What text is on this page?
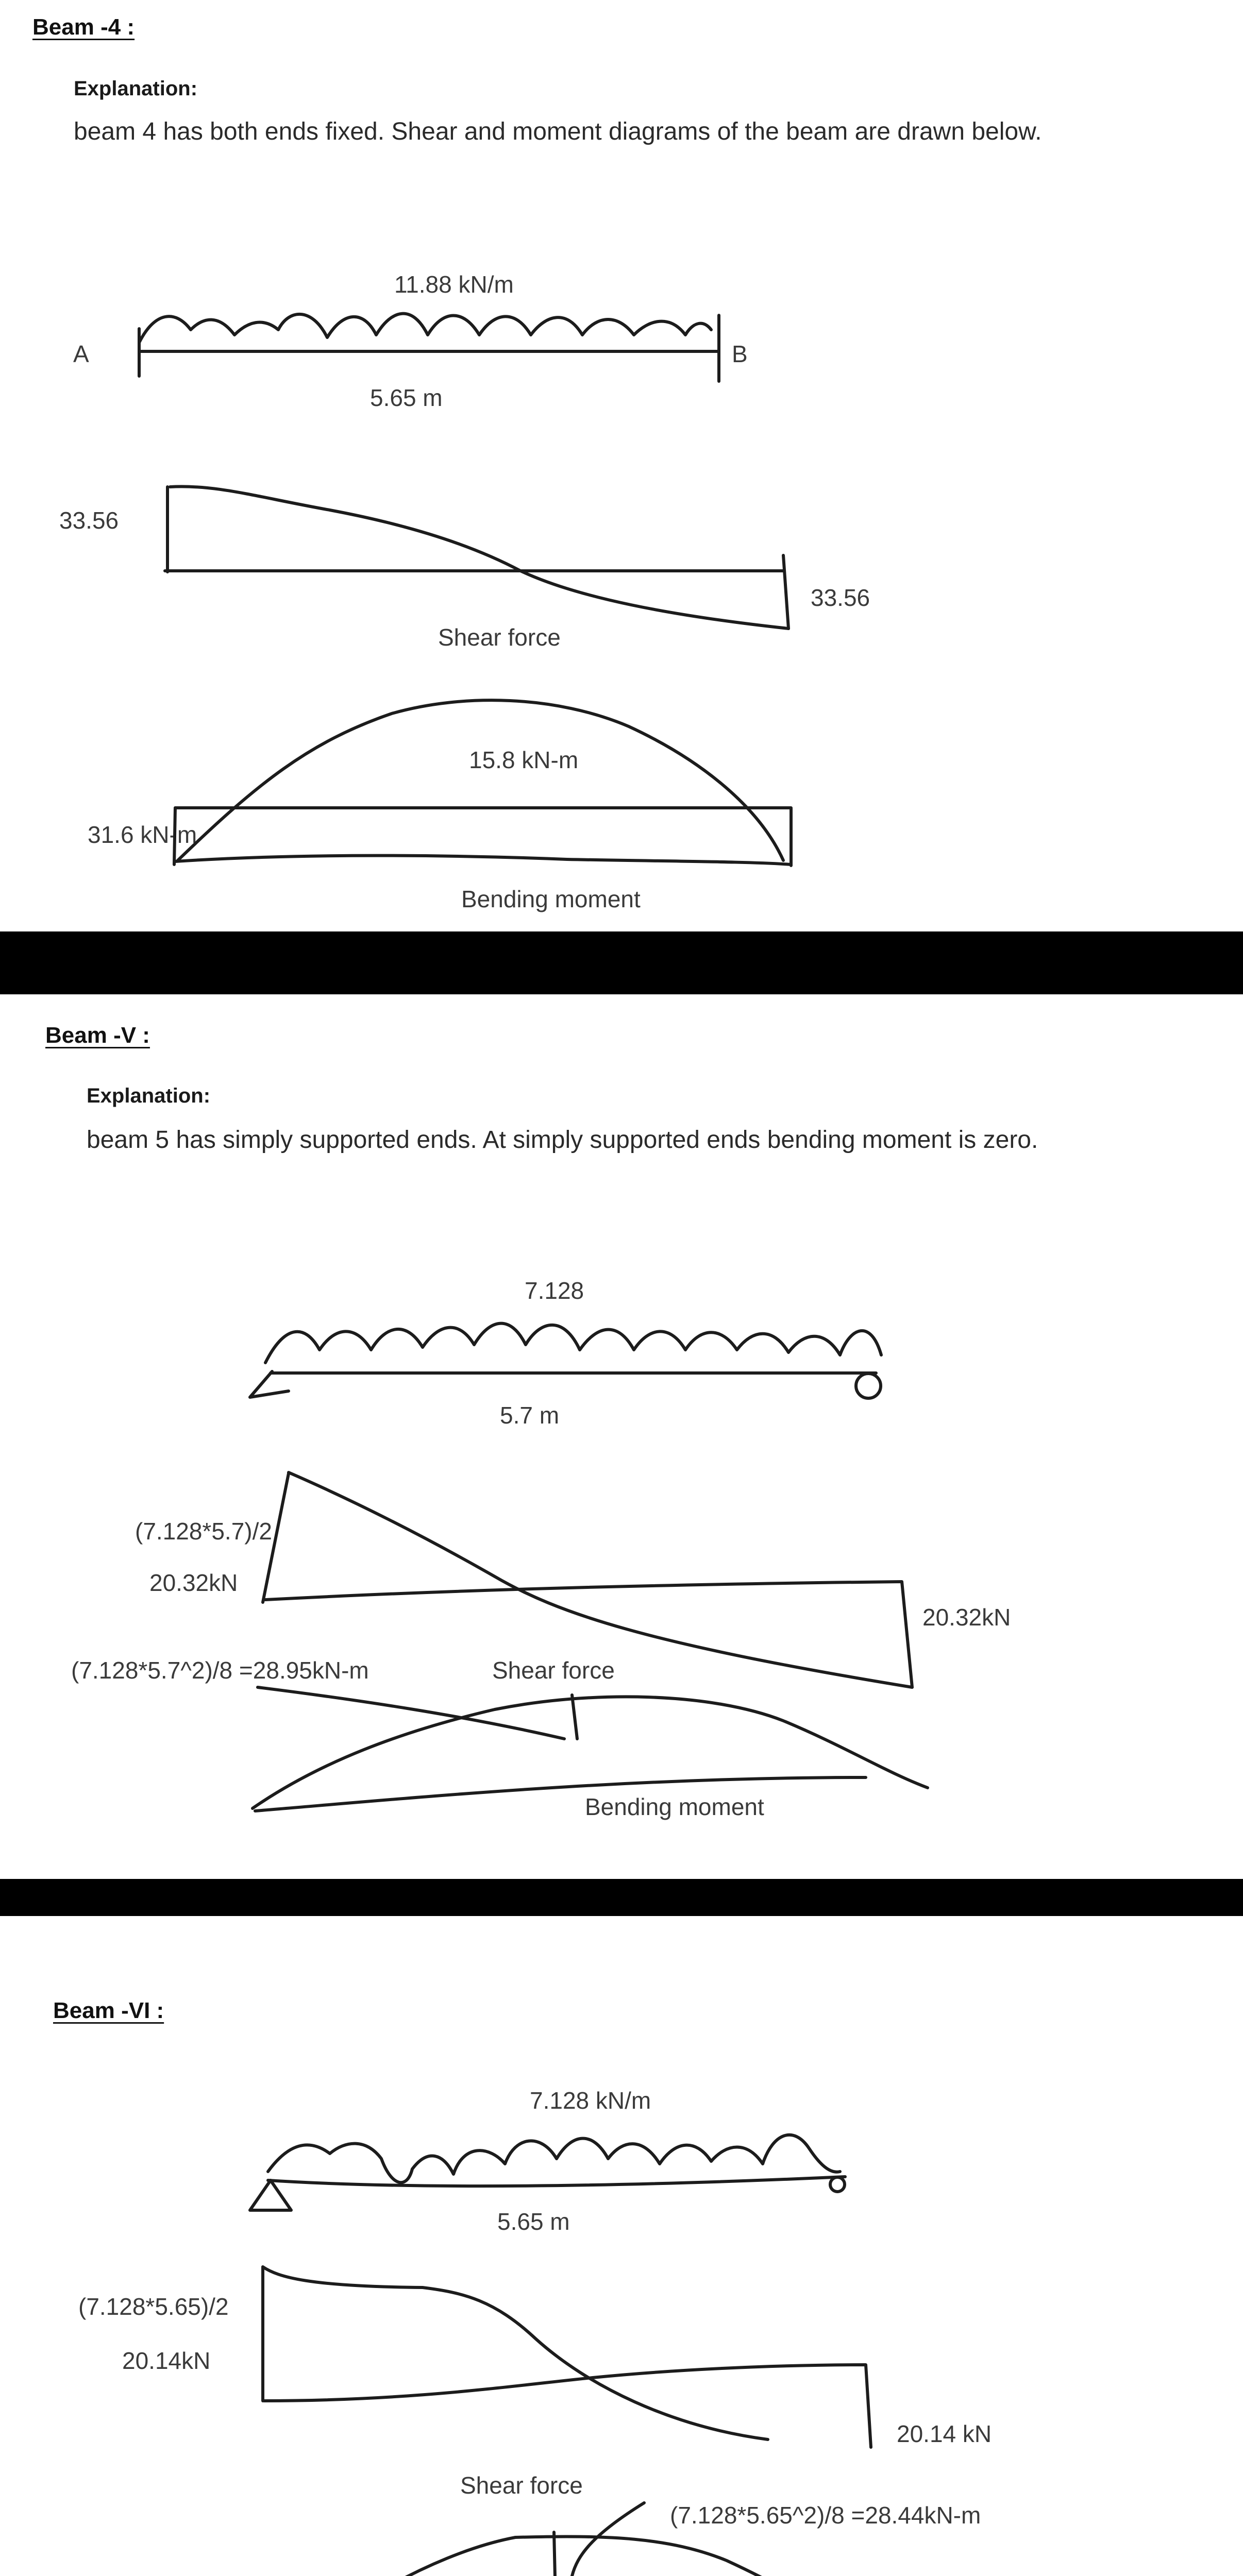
Beam -4 :
Explanation:
beam 4 has both ends fixed. Shear and moment diagrams of the beam are drawn below.
11.88 kN/m
A	B
5.65 m
33.56
33.56
Shear force
15.8 kN-m
31.6 kN-m
Bending moment
Beam -V :
Explanation:
beam 5 has simply supported ends. At simply supported ends bending moment is zero.
7.128
5.7 m
(7.128*5.7)/2
20.32kN
20.32kN
(7.128*5.7^2)/8 =28.95kN-m	Shear force
Bending moment
Beam -VI :
7.128 kN/m
5.65 m
(7.128*5.65)/2
20.14kN
20.14 kN
Shear force
(7.128*5.65^2)/8 =28.44kN-m
